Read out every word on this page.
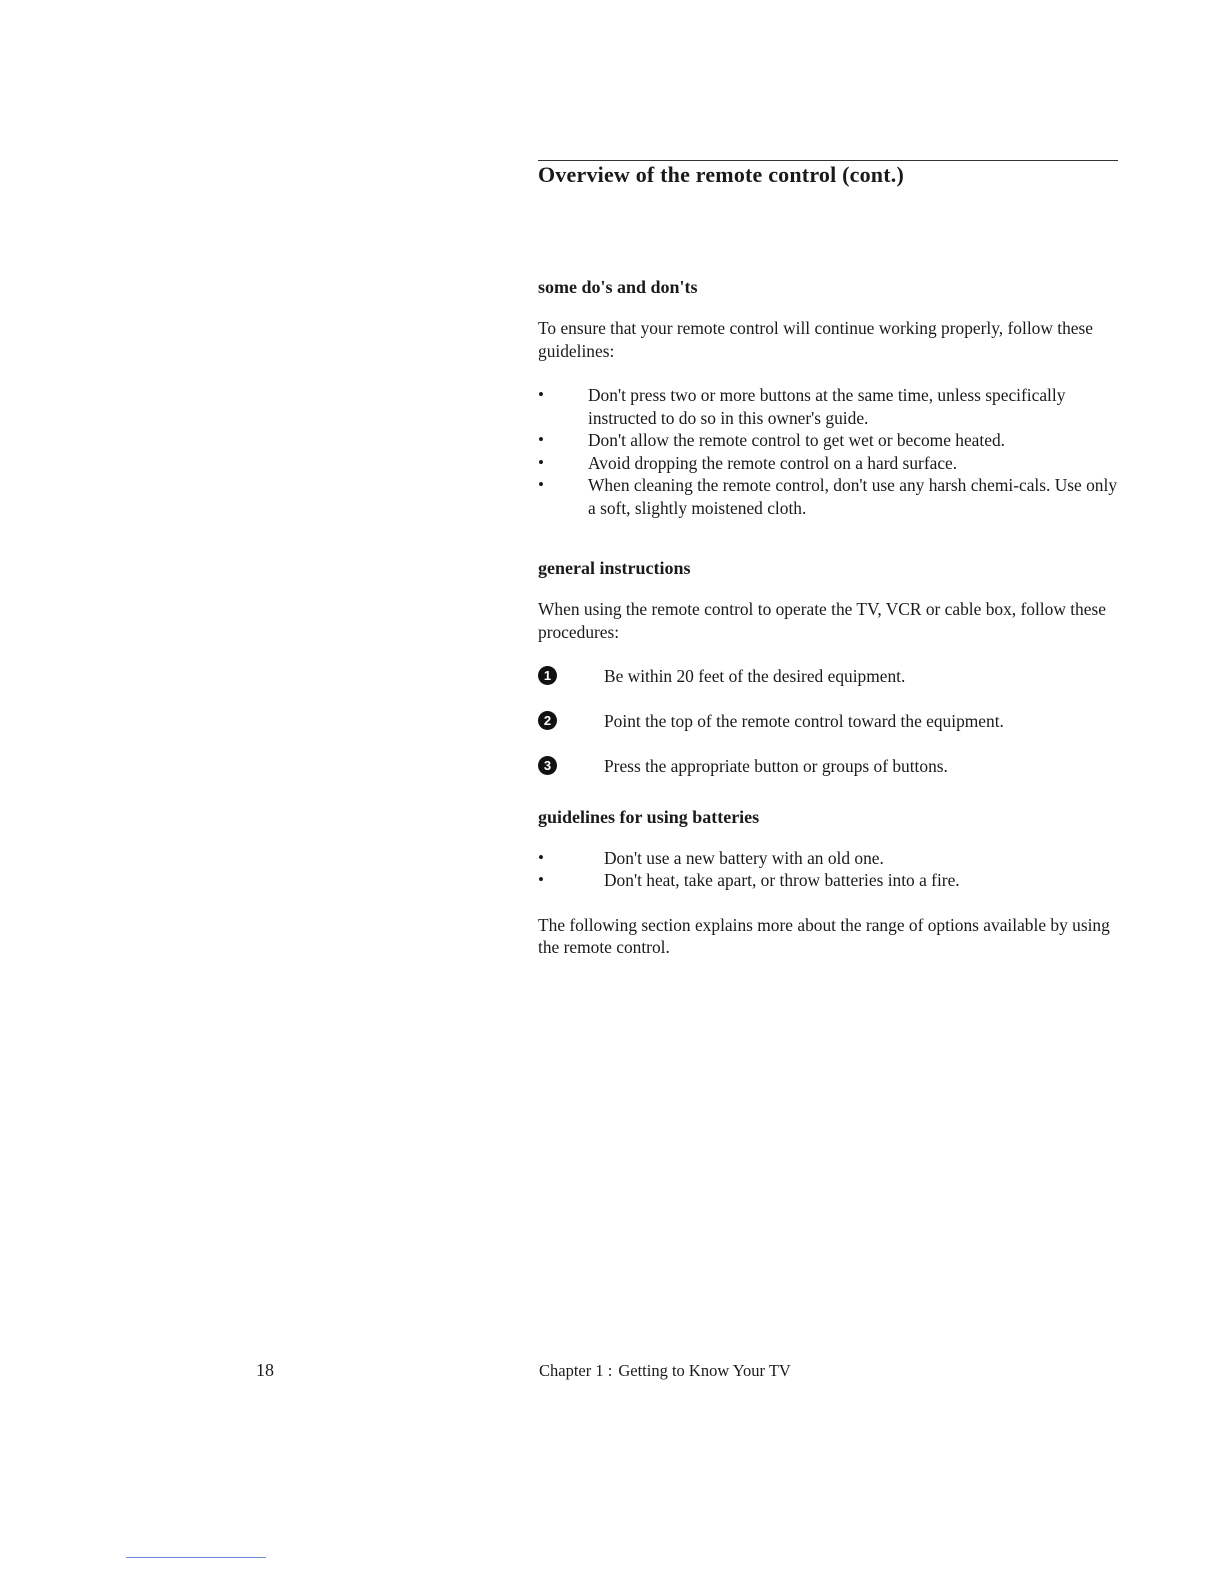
Overview of the remote control (cont.)
some do's and don'ts

To ensure that your remote control will continue working properly, follow these guidelines:

• Don't press two or more buttons at the same time, unless specifically instructed to do so in this owner's guide.
• Don't allow the remote control to get wet or become heated.
• Avoid dropping the remote control on a hard surface.
• When cleaning the remote control, don't use any harsh chemi-cals. Use only a soft, slightly moistened cloth.
general instructions

When using the remote control to operate the TV, VCR or cable box, follow these procedures:

1	Be within 20 feet of the desired equipment.
2	Point the top of the remote control toward the equipment.
3	Press the appropriate button or groups of buttons.
guidelines for using batteries
• Don't use a new battery with an old one.
• Don't heat, take apart, or throw batteries into a fire.

The following section explains more about the range of options available by using the remote control.

18	Chapter 1 : Getting to Know Your TV
